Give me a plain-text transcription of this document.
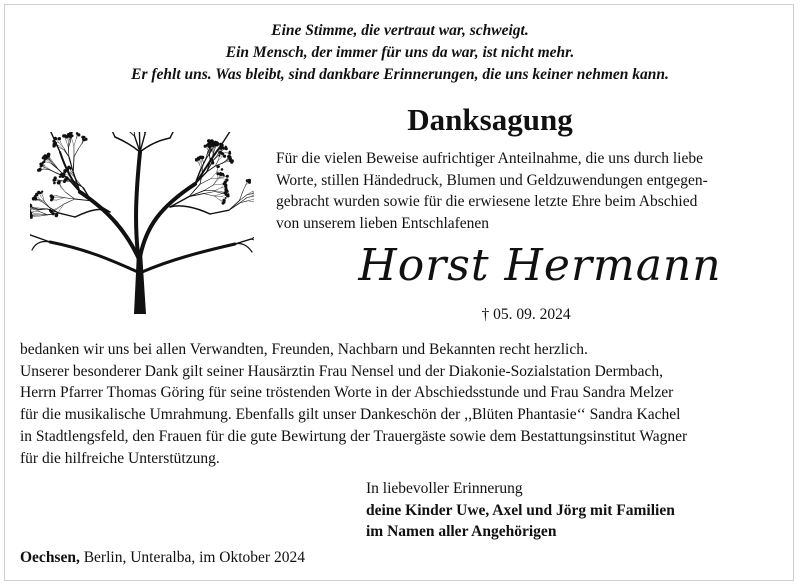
Eine Stimme, die vertraut war, schweigt.
Ein Mensch, der immer für uns da war, ist nicht mehr.
Er fehlt uns. Was bleibt, sind dankbare Erinnerungen, die uns keiner nehmen kann.
Danksagung
Für die vielen Beweise aufrichtiger Anteilnahme, die uns durch liebe
Worte, stillen Händedruck, Blumen und Geldzuwendungen entgegen-
gebracht wurden sowie für die erwiesene letzte Ehre beim Abschied
von unserem lieben Entschlafenen
Horst Hermann
† 05. 09. 2024

bedanken wir uns bei allen Verwandten, Freunden, Nachbarn und Bekannten recht herzlich.

Unserer besonderer Dank gilt seiner Hausärztin Frau Nensel und der Diakonie-Sozialstation Dermbach,

Herrn Pfarrer Thomas Göring für seine tröstenden Worte in der Abschiedsstunde und Frau Sandra Melzer

für die musikalische Umrahmung. Ebenfalls gilt unser Dankeschön der ,,Blüten Phantasie‘‘ Sandra Kachel

in Stadtlengsfeld, den Frauen für die gute Bewirtung der Trauergäste sowie dem Bestattungsinstitut Wagner

für die hilfreiche Unterstützung.

In liebevoller Erinnerung
deine Kinder Uwe, Axel und Jörg mit Familien
im Namen aller Angehörigen
Oechsen, Berlin, Unteralba, im Oktober 2024
